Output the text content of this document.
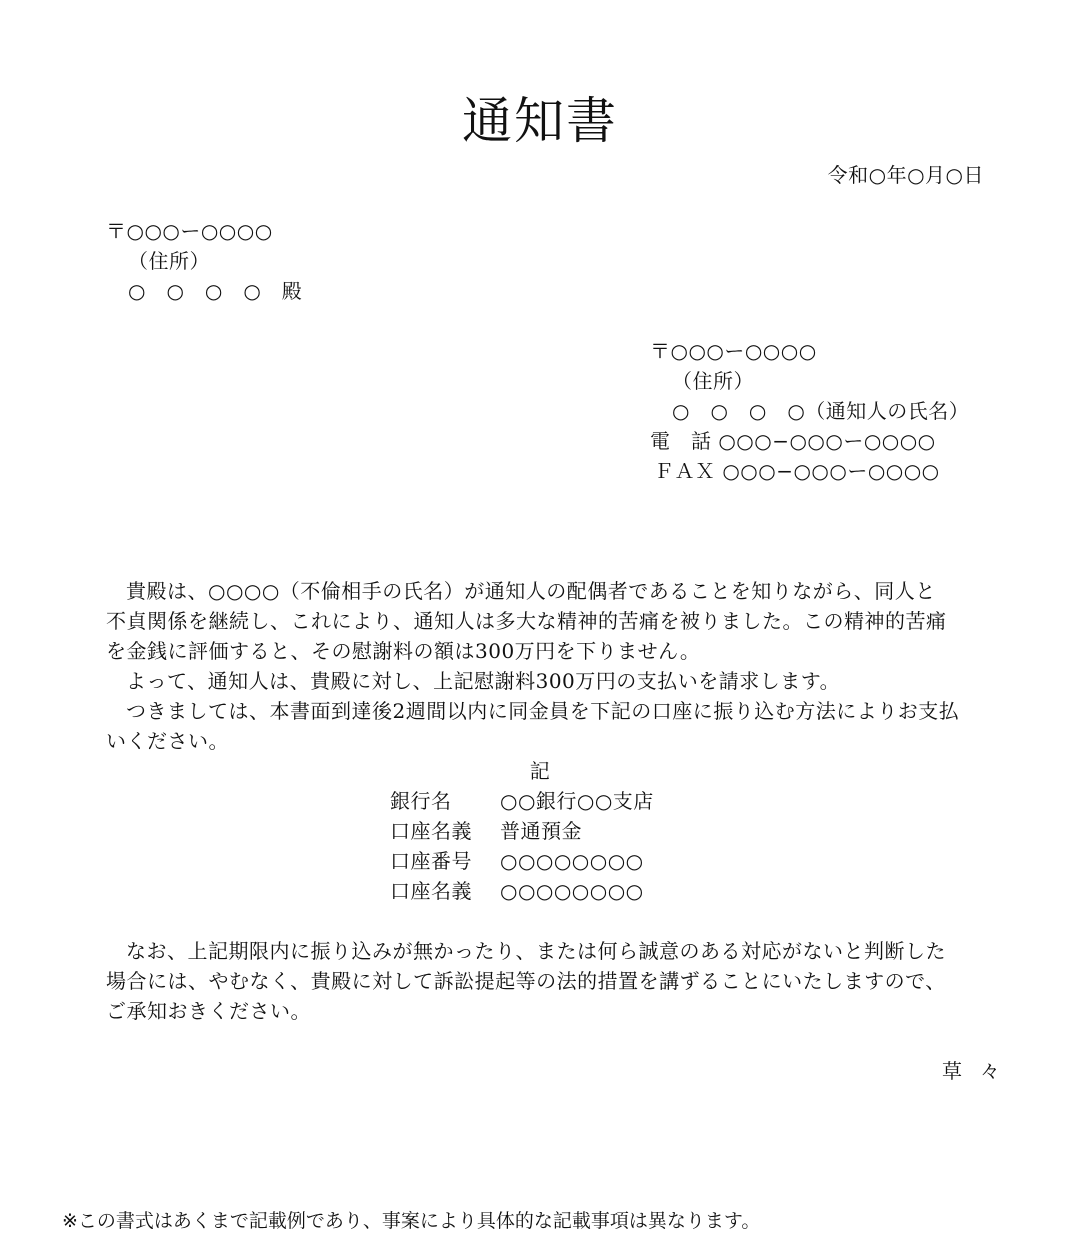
通知書
令和○年○月○日
〒○○○ー○○○○
（住所）
○　○　○　○　殿
〒○○○ー○○○○
（住所）
○　○　○　○（通知人の氏名）
電　話 ○○○−○○○ー○○○○
ＦＡＸ ○○○−○○○ー○○○○

貴殿は、○○○○（不倫相手の氏名）が通知人の配偶者であることを知りながら、同人と
不貞関係を継続し、これにより、通知人は多大な精神的苦痛を被りました。この精神的苦痛
を金銭に評価すると、その慰謝料の額は300万円を下りません。
よって、通知人は、貴殿に対し、上記慰謝料300万円の支払いを請求します。
つきましては、本書面到達後2週間以内に同金員を下記の口座に振り込む方法によりお支払
いください。

記
銀行名	○○銀行○○支店
口座名義	普通預金
口座番号	○○○○○○○○
口座名義	○○○○○○○○

なお、上記期限内に振り込みが無かったり、または何ら誠意のある対応がないと判断した
場合には、やむなく、貴殿に対して訴訟提起等の法的措置を講ずることにいたしますので、
ご承知おきください。

草々
※この書式はあくまで記載例であり、事案により具体的な記載事項は異なります。
